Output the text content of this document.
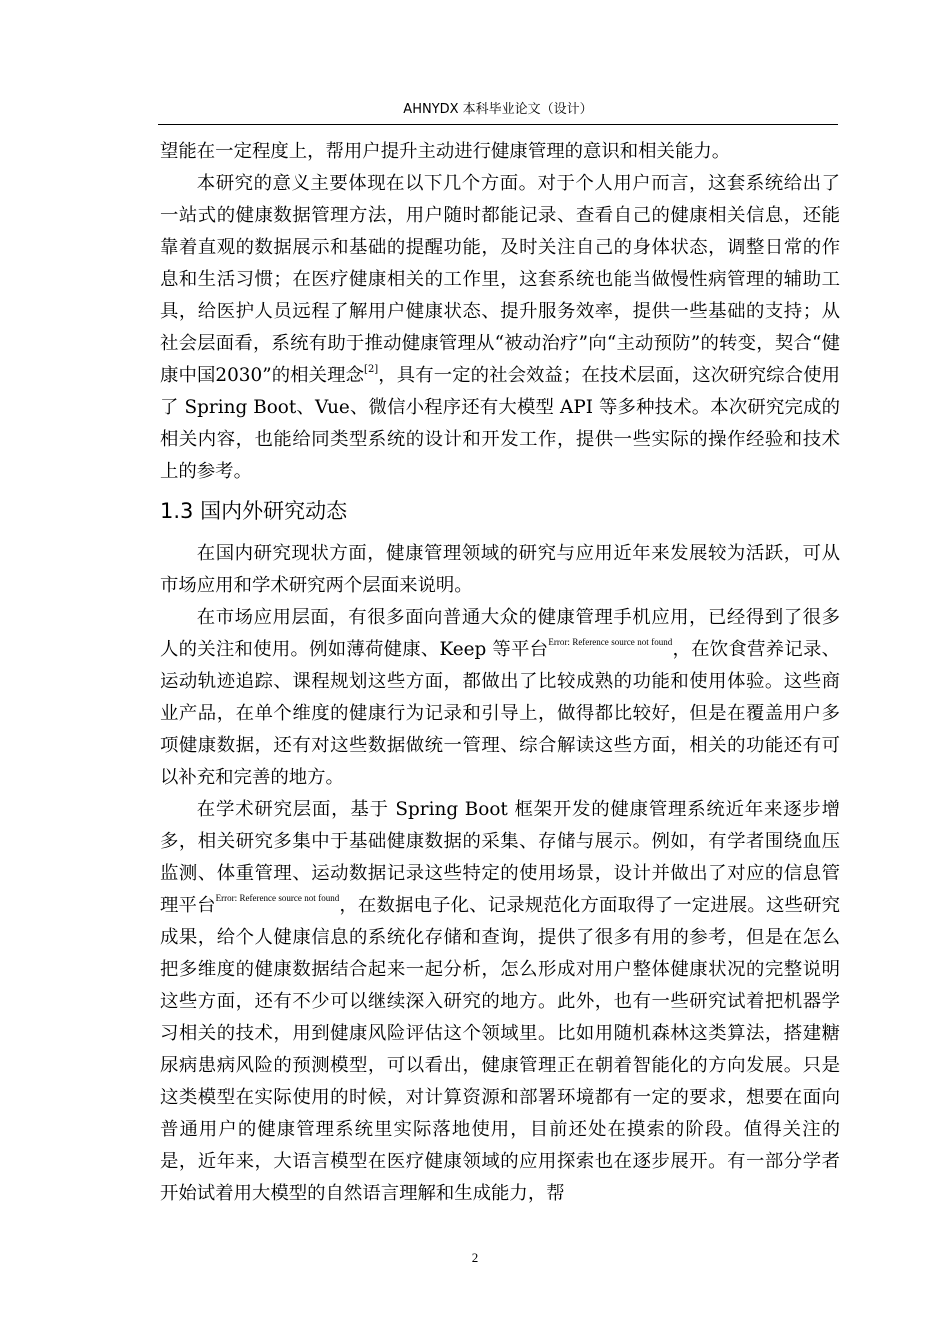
AHNYDX 本科毕业论文（设计）

望能在一定程度上，帮用户提升主动进行健康管理的意识和相关能力。

本研究的意义主要体现在以下几个方面。对于个人用户而言，这套系统给出了一站式的健康数据管理方法，用户随时都能记录、查看自己的健康相关信息，还能靠着直观的数据展示和基础的提醒功能，及时关注自己的身体状态，调整日常的作息和生活习惯；在医疗健康相关的工作里，这套系统也能当做慢性病管理的辅助工具，给医护人员远程了解用户健康状态、提升服务效率，提供一些基础的支持；从社会层面看，系统有助于推动健康管理从“被动治疗”向“主动预防”的转变，契合“健康中国2030”的相关理念[2]，具有一定的社会效益；在技术层面，这次研究综合使用了 Spring Boot、Vue、微信小程序还有大模型 API 等多种技术。本次研究完成的相关内容，也能给同类型系统的设计和开发工作，提供一些实际的操作经验和技术上的参考。

1.3 国内外研究动态

在国内研究现状方面，健康管理领域的研究与应用近年来发展较为活跃，可从市场应用和学术研究两个层面来说明。

在市场应用层面，有很多面向普通大众的健康管理手机应用，已经得到了很多人的关注和使用。例如薄荷健康、Keep 等平台$^{Error: Reference source not found}$，在饮食营养记录、运动轨迹追踪、课程规划这些方面，都做出了比较成熟的功能和使用体验。这些商业产品，在单个维度的健康行为记录和引导上，做得都比较好，但是在覆盖用户多项健康数据，还有对这些数据做统一管理、综合解读这些方面，相关的功能还有可以补充和完善的地方。

在学术研究层面，基于 Spring Boot 框架开发的健康管理系统近年来逐步增多，相关研究多集中于基础健康数据的采集、存储与展示。例如，有学者围绕血压监测、体重管理、运动数据记录这些特定的使用场景，设计并做出了对应的信息管理平台$^{Error: Reference source not found}$，在数据电子化、记录规范化方面取得了一定进展。这些研究成果，给个人健康信息的系统化存储和查询，提供了很多有用的参考，但是在怎么把多维度的健康数据结合起来一起分析，怎么形成对用户整体健康状况的完整说明这些方面，还有不少可以继续深入研究的地方。此外，也有一些研究试着把机器学习相关的技术，用到健康风险评估这个领域里。比如用随机森林这类算法，搭建糖尿病患病风险的预测模型，可以看出，健康管理正在朝着智能化的方向发展。只是这类模型在实际使用的时候，对计算资源和部署环境都有一定的要求，想要在面向普通用户的健康管理系统里实际落地使用，目前还处在摸索的阶段。值得关注的是，近年来，大语言模型在医疗健康领域的应用探索也在逐步展开。有一部分学者开始试着用大模型的自然语言理解和生成能力，帮

2
